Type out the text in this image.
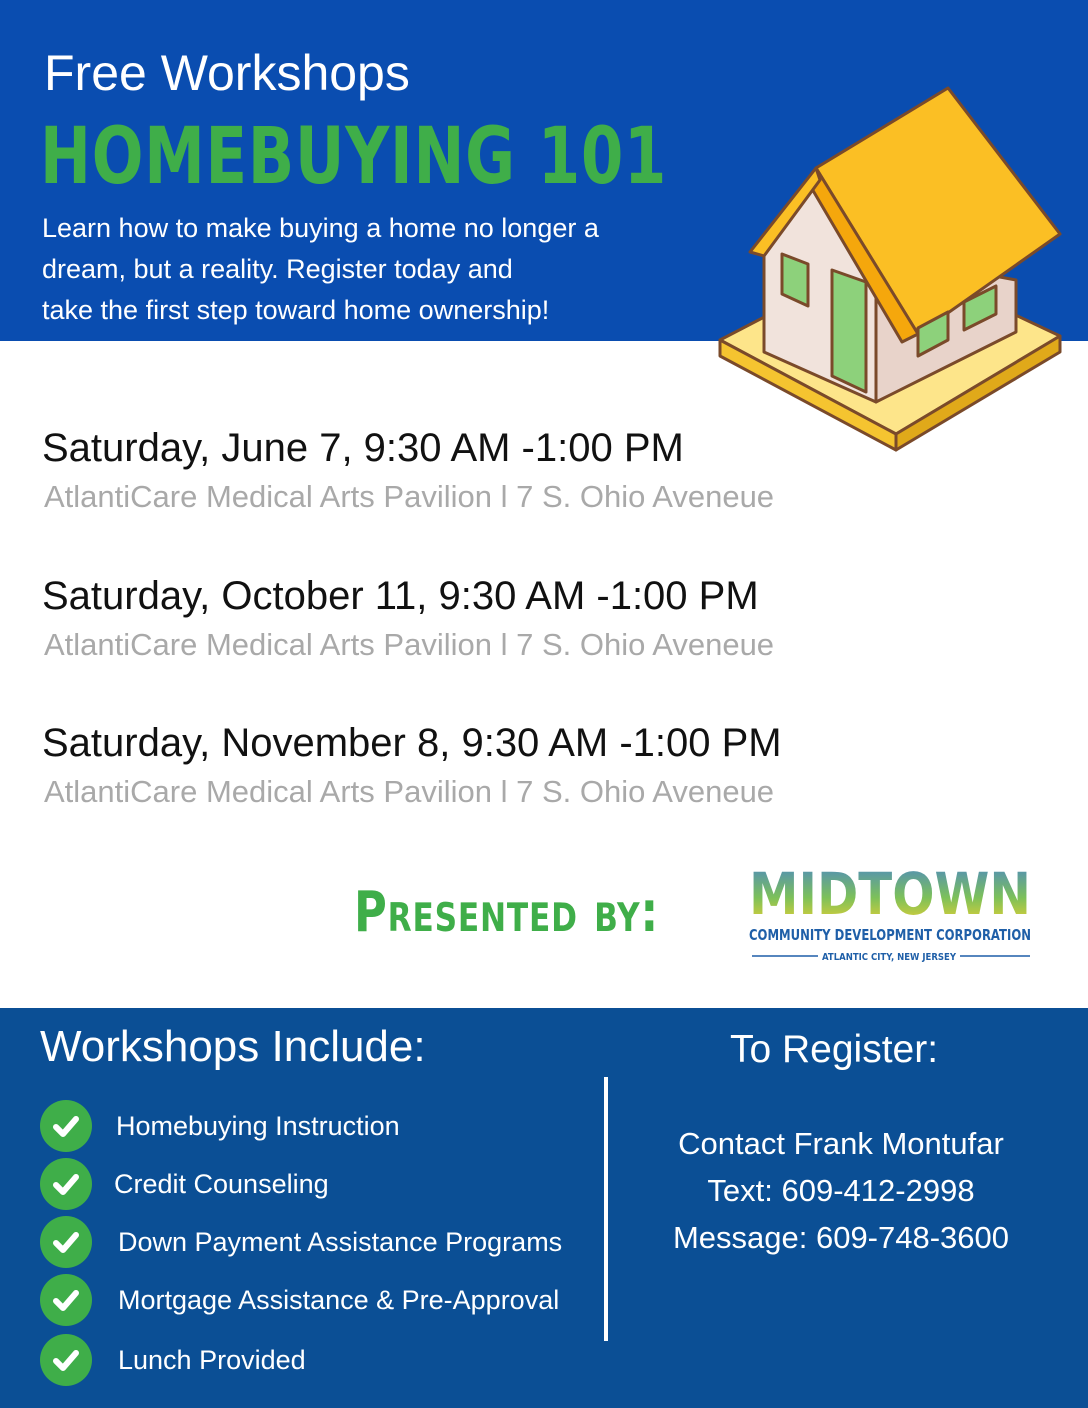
Free Workshops
HOMEBUYING 101
Learn how to make buying a home no longer a
dream, but a reality. Register today and
take the first step toward home ownership!
Saturday, June 7, 9:30 AM -1:00 PM
AtlantiCare Medical Arts Pavilion l 7 S. Ohio Aveneue
Saturday, October 11, 9:30 AM -1:00 PM
AtlantiCare Medical Arts Pavilion l 7 S. Ohio Aveneue
Saturday, November 8, 9:30 AM -1:00 PM
AtlantiCare Medical Arts Pavilion l 7 S. Ohio Aveneue
Presented by: MIDTOWN
COMMUNITY DEVELOPMENT CORPORATION
ATLANTIC CITY, NEW JERSEY
Workshops Include:
Homebuying Instruction
Credit Counseling
Down Payment Assistance Programs
Mortgage Assistance & Pre-Approval
Lunch Provided
To Register:
Contact Frank Montufar
Text: 609-412-2998
Message: 609-748-3600
